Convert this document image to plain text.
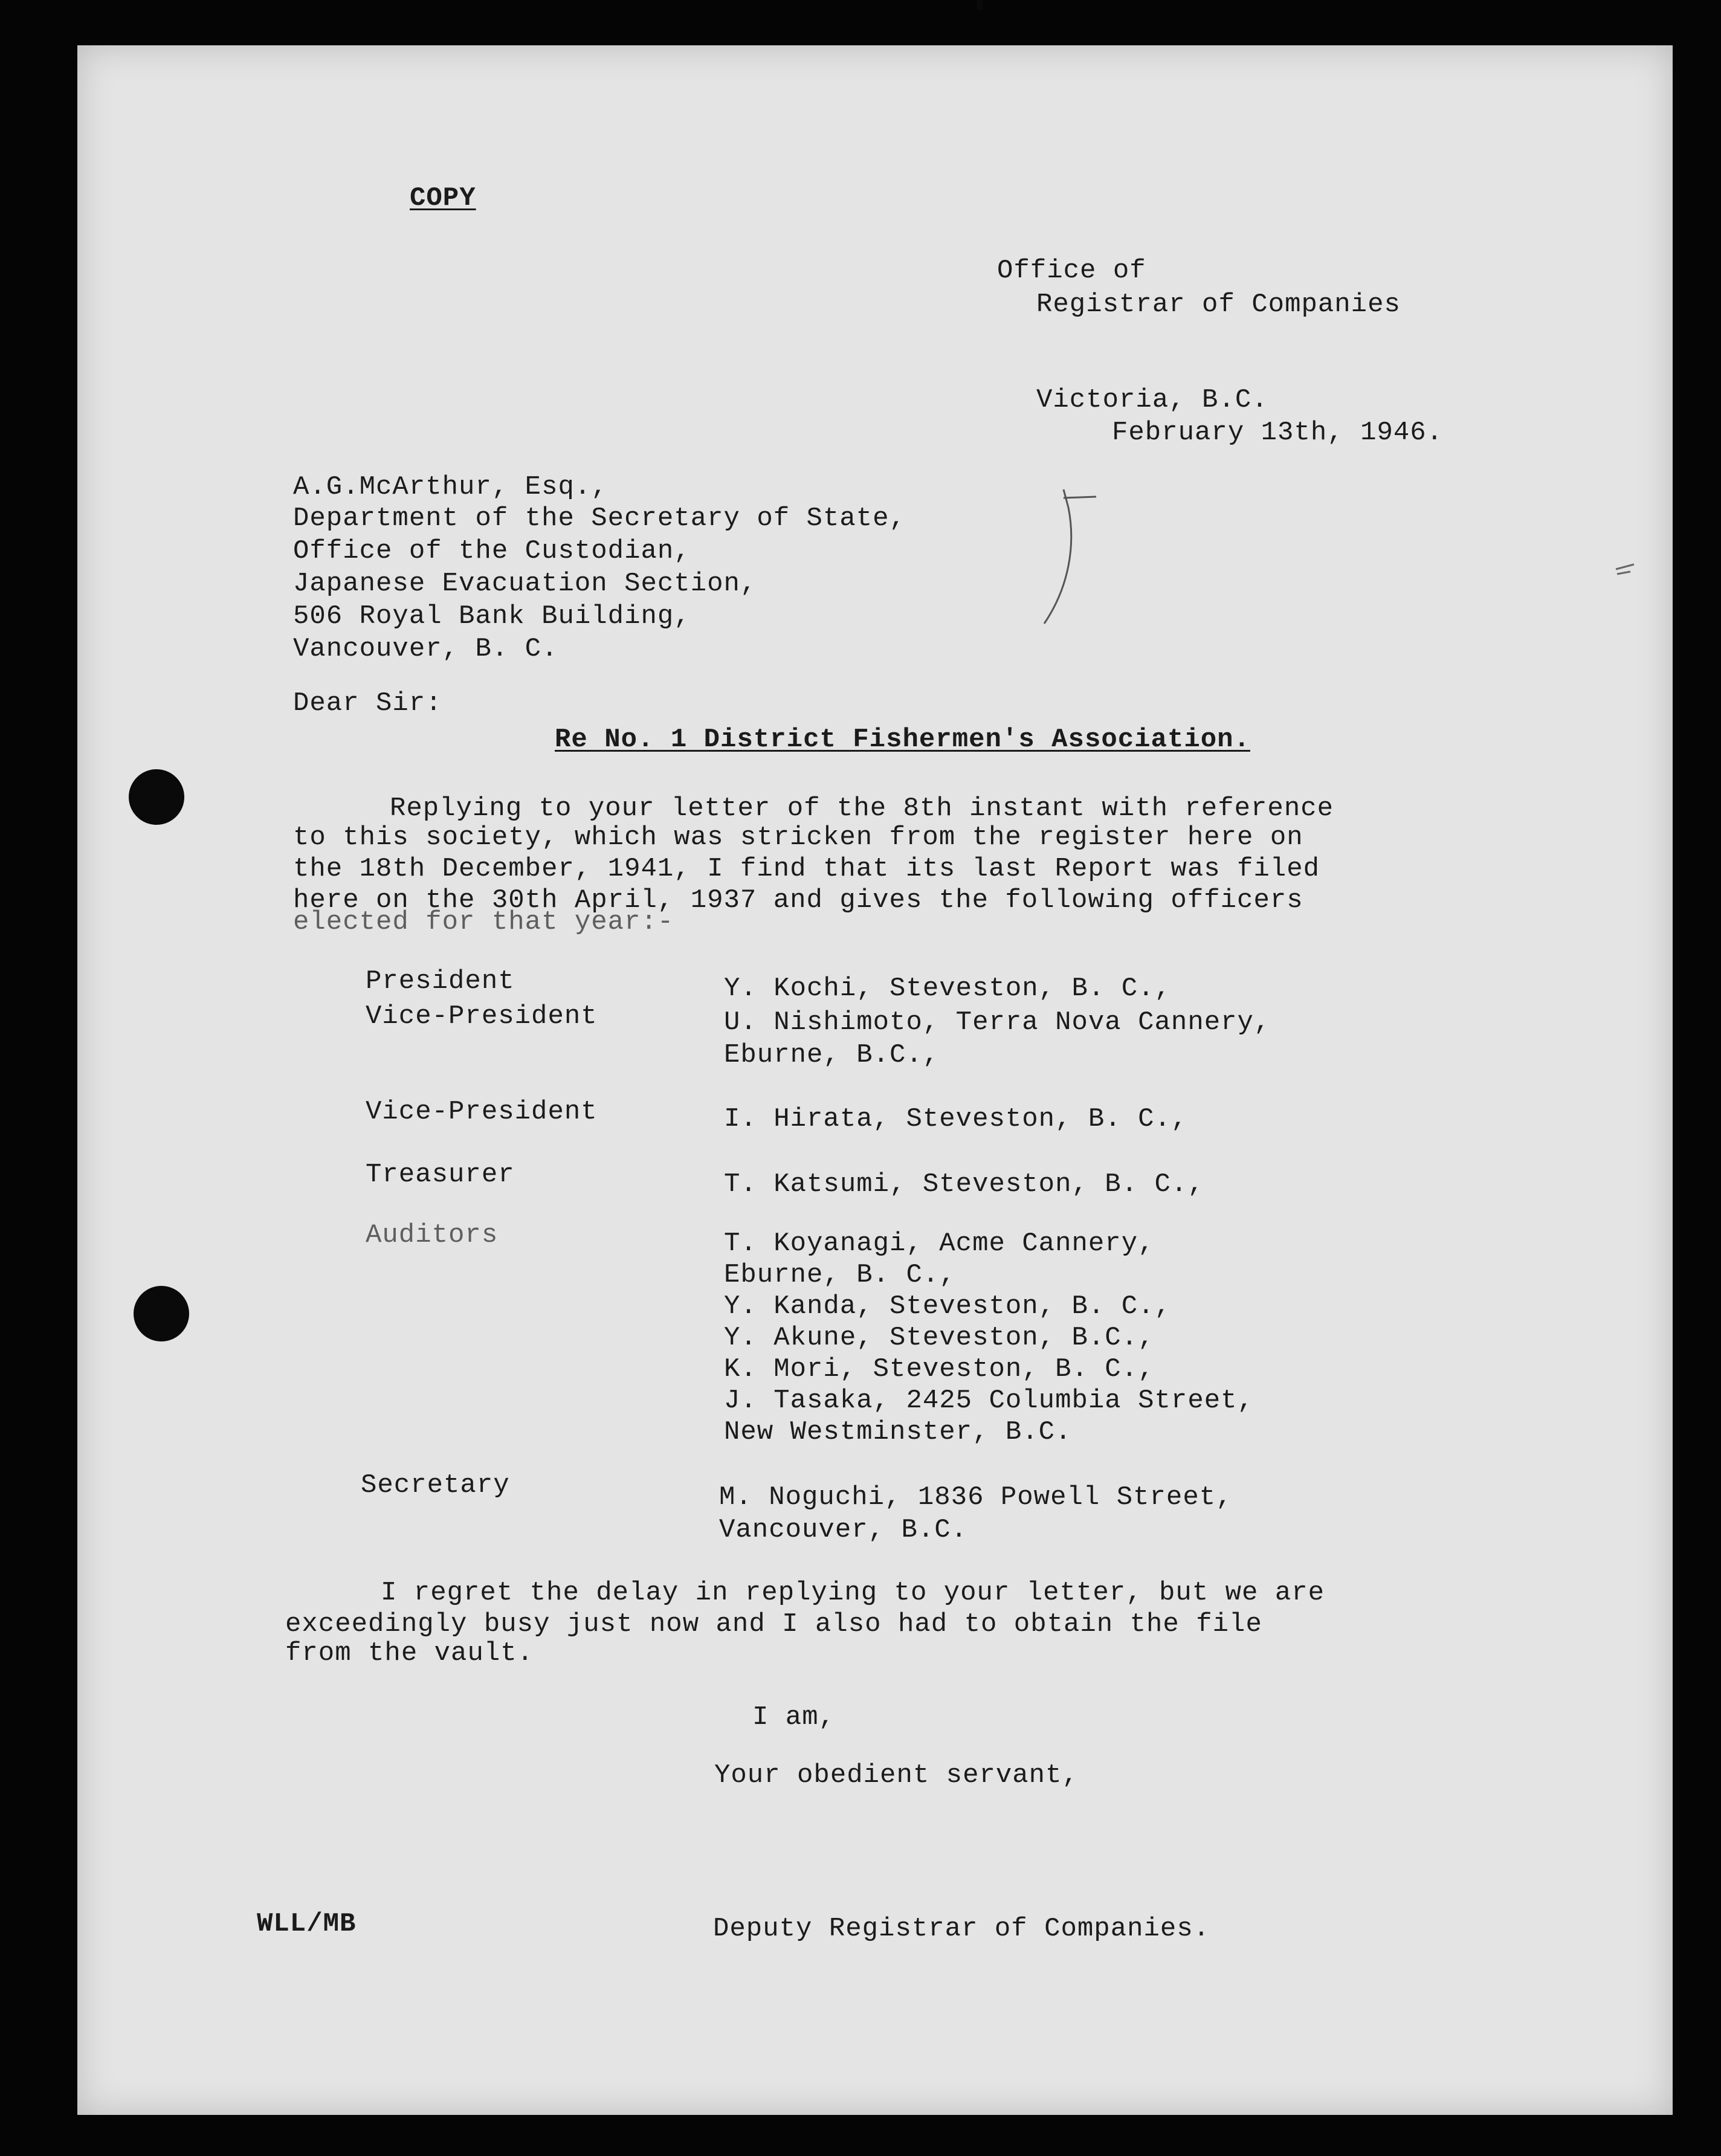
COPY
Office of
Registrar of Companies
Victoria, B.C.
February 13th, 1946.
A.G.McArthur, Esq.,
Department of the Secretary of State,
Office of the Custodian,
Japanese Evacuation Section,
506 Royal Bank Building,
Vancouver, B. C.
Dear Sir:
Re No. 1 District Fishermen's Association.
Replying to your letter of the 8th instant with reference
to this society, which was stricken from the register here on
the 18th December, 1941, I find that its last Report was filed
here on the 30th April, 1937 and gives the following officers
elected for that year:-
President	Y. Kochi, Steveston, B. C.,
Vice-President	U. Nishimoto, Terra Nova Cannery,
Eburne, B.C.,
Vice-President	I. Hirata, Steveston, B. C.,
Treasurer	T. Katsumi, Steveston, B. C.,
Auditors	T. Koyanagi, Acme Cannery,
Eburne, B. C.,
Y. Kanda, Steveston, B. C.,
Y. Akune, Steveston, B.C.,
K. Mori, Steveston, B. C.,
J. Tasaka, 2425 Columbia Street,
New Westminster, B.C.
Secretary	M. Noguchi, 1836 Powell Street,
Vancouver, B.C.
I regret the delay in replying to your letter, but we are
exceedingly busy just now and I also had to obtain the file
from the vault.
I am,
Your obedient servant,
WLL/MB	Deputy Registrar of Companies.
